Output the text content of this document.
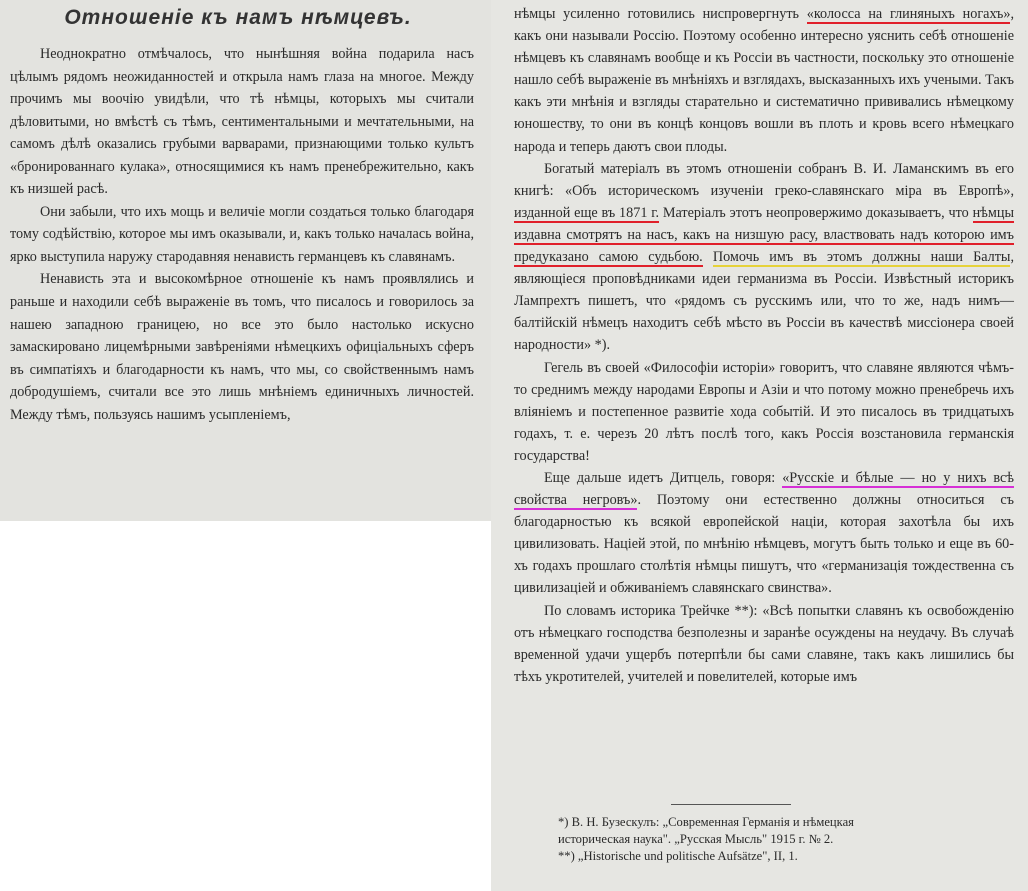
Отношеніе къ намъ нѣмцевъ.

Неоднократно отмѣчалось, что нынѣшняя война подарила насъ цѣлымъ рядомъ неожиданностей и открыла намъ глаза на многое. Между прочимъ мы воочію увидѣли, что тѣ нѣмцы, которыхъ мы считали дѣловитыми, но вмѣстѣ съ тѣмъ, сентиментальными и мечтательными, на самомъ дѣлѣ оказались грубыми варварами, признающими только культъ «бронированнаго кулака», относящимися къ намъ пренебрежительно, какъ къ низшей расѣ.

Они забыли, что ихъ мощь и величіе могли создаться только благодаря тому содѣйствію, которое мы имъ оказывали, и, какъ только началась война, ярко выступила наружу стародавняя ненависть германцевъ къ славянамъ.

Ненависть эта и высокомѣрное отношеніе къ намъ проявлялись и раньше и находили себѣ выраженіе въ томъ, что писалось и говорилось за нашею западною границею, но все это было настолько искусно замаскировано лицемѣрными завѣреніями нѣмецкихъ офиціальныхъ сферъ въ симпатіяхъ и благодарности къ намъ, что мы, со свойственнымъ намъ добродушіемъ, считали все это лишь мнѣніемъ единичныхъ личностей. Между тѣмъ, пользуясь нашимъ усыпленіемъ,

нѣмцы усиленно готовились ниспровергнуть «колосса на глиняныхъ ногахъ», какъ они называли Россію. Поэтому особенно интересно уяснить себѣ отношеніе нѣмцевъ къ славянамъ вообще и къ Россіи въ частности, поскольку это отношеніе нашло себѣ выраженіе въ мнѣніяхъ и взглядахъ, высказанныхъ ихъ учеными. Такъ какъ эти мнѣнія и взгляды старательно и систематично прививались нѣмецкому юношеству, то они въ концѣ концовъ вошли въ плоть и кровь всего нѣмецкаго народа и теперь даютъ свои плоды.

Богатый матеріалъ въ этомъ отношеніи собранъ В. И. Ламанскимъ въ его книгѣ: «Объ историческомъ изученіи греко-славянскаго міра въ Европѣ», изданной еще въ 1871 г. Матеріалъ этотъ неопровержимо доказываетъ, что нѣмцы издавна смотрятъ на насъ, какъ на низшую расу, властвовать надъ которою имъ предуказано самою судьбою. Помочь имъ въ этомъ должны наши Балты, являющіеся проповѣдниками идеи германизма въ Россіи. Извѣстный историкъ Лампрехтъ пишетъ, что «рядомъ съ русскимъ или, что то же, надъ нимъ—балтійскій нѣмецъ находитъ себѣ мѣсто въ Россіи въ качествѣ миссіонера своей народности» *).

Гегель въ своей «Философіи исторіи» говоритъ, что славяне являются чѣмъ-то среднимъ между народами Европы и Азіи и что потому можно пренебречь ихъ вліяніемъ и постепенное развитіе хода событій. И это писалось въ тридцатыхъ годахъ, т. е. черезъ 20 лѣтъ послѣ того, какъ Россія возстановила германскія государства!

Еще дальше идетъ Дитцель, говоря: «Русскіе и бѣлые — но у нихъ всѣ свойства негровъ». Поэтому они естественно должны относиться съ благодарностью къ всякой европейской націи, которая захотѣла бы ихъ цивилизовать. Націей этой, по мнѣнію нѣмцевъ, могутъ быть только и еще въ 60-хъ годахъ прошлаго столѣтія нѣмцы пишутъ, что «германизація тождественна съ цивилизаціей и обживаніемъ славянскаго свинства».

По словамъ историка Трейчке **): «Всѣ попытки славянъ къ освобожденію отъ нѣмецкаго господства безполезны и заранѣе осуждены на неудачу. Въ случаѣ временной удачи ущербъ потерпѣли бы сами славяне, такъ какъ лишились бы тѣхъ укротителей, учителей и повелителей, которые имъ

*) В. Н. Бузескулъ: „Современная Германія и нѣмецкая
историческая наука". „Русская Мысль" 1915 г. № 2.
**) „Historische und politische Aufsätze", II, 1.
